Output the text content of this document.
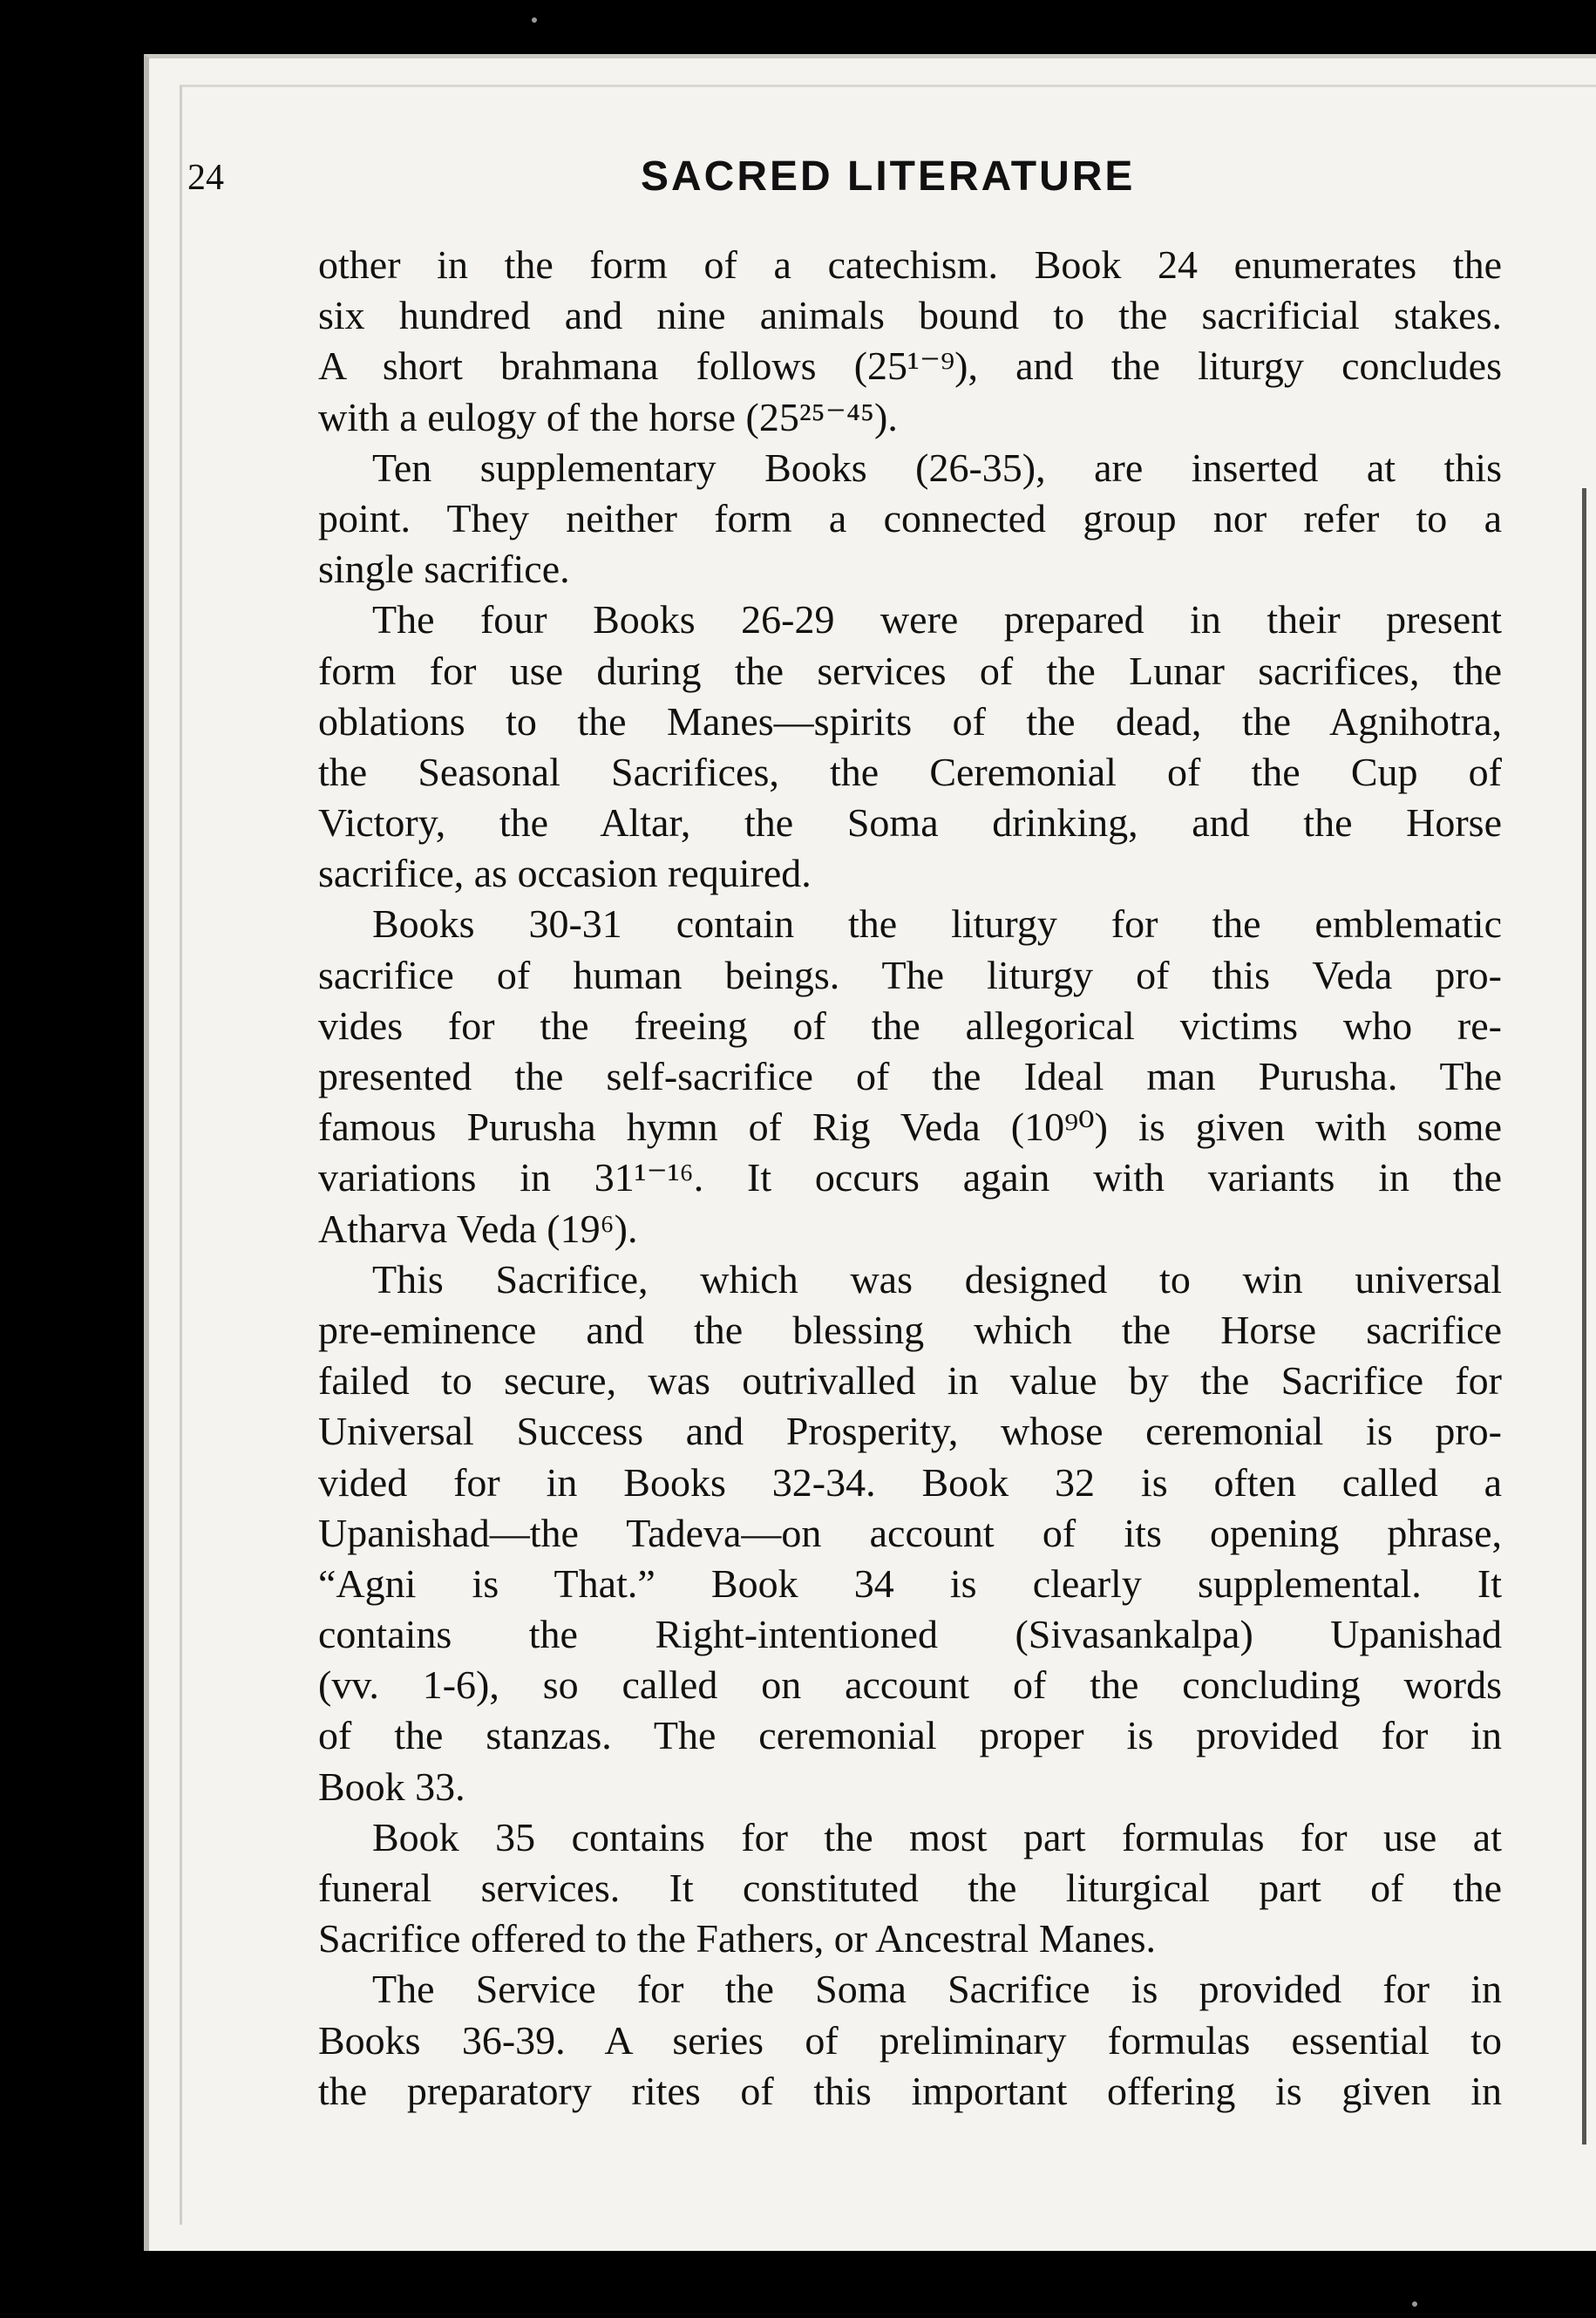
24	SACRED LITERATURE
other in the form of a catechism. Book 24 enumerates the
six hundred and nine animals bound to the sacrificial stakes.
A short brahmana follows (25¹⁻⁹), and the liturgy concludes
with a eulogy of the horse (25²⁵⁻⁴⁵).
Ten supplementary Books (26-35), are inserted at this
point. They neither form a connected group nor refer to a
single sacrifice.
The four Books 26-29 were prepared in their present
form for use during the services of the Lunar sacrifices, the
oblations to the Manes—spirits of the dead, the Agnihotra,
the Seasonal Sacrifices, the Ceremonial of the Cup of
Victory, the Altar, the Soma drinking, and the Horse
sacrifice, as occasion required.
Books 30-31 contain the liturgy for the emblematic
sacrifice of human beings. The liturgy of this Veda pro-
vides for the freeing of the allegorical victims who re-
presented the self-sacrifice of the Ideal man Purusha. The
famous Purusha hymn of Rig Veda (10⁹⁰) is given with some
variations in 31¹⁻¹⁶. It occurs again with variants in the
Atharva Veda (19⁶).
This Sacrifice, which was designed to win universal
pre-eminence and the blessing which the Horse sacrifice
failed to secure, was outrivalled in value by the Sacrifice for
Universal Success and Prosperity, whose ceremonial is pro-
vided for in Books 32-34. Book 32 is often called a
Upanishad—the Tadeva—on account of its opening phrase,
“Agni is That.” Book 34 is clearly supplemental. It
contains the Right-intentioned (Sivasankalpa) Upanishad
(vv. 1-6), so called on account of the concluding words
of the stanzas. The ceremonial proper is provided for in
Book 33.
Book 35 contains for the most part formulas for use at
funeral services. It constituted the liturgical part of the
Sacrifice offered to the Fathers, or Ancestral Manes.
The Service for the Soma Sacrifice is provided for in
Books 36-39. A series of preliminary formulas essential to
the preparatory rites of this important offering is given in
